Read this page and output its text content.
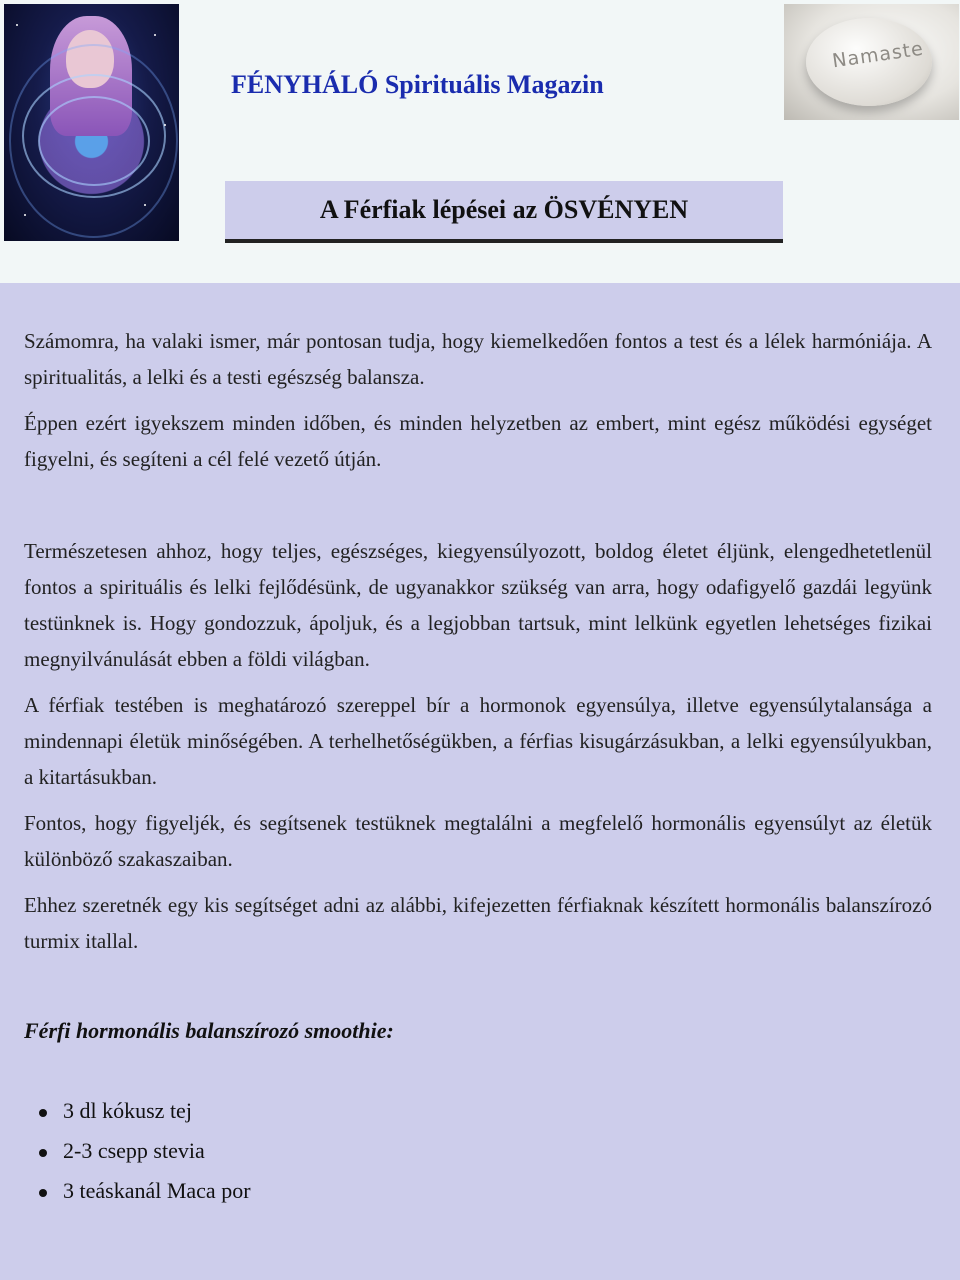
FÉNYHÁLÓ Spirituális Magazin
Namaste
A Férfiak lépései az ÖSVÉNYEN

Számomra, ha valaki ismer, már pontosan tudja, hogy kiemelkedően fontos a test és a lélek harmóniája. A spiritualitás, a lelki és a testi egészség balansza.

Éppen ezért igyekszem minden időben, és minden helyzetben az embert, mint egész működési egységet figyelni, és segíteni a cél felé vezető útján.

Természetesen ahhoz, hogy teljes, egészséges, kiegyensúlyozott, boldog életet éljünk, elengedhetetlenül fontos a spirituális és lelki fejlődésünk, de ugyanakkor szükség van arra, hogy odafigyelő gazdái legyünk testünknek is. Hogy gondozzuk, ápoljuk, és a legjobban tartsuk, mint lelkünk egyetlen lehetséges fizikai megnyilvánulását ebben a földi világban.

A férfiak testében is meghatározó szereppel bír a hormonok egyensúlya, illetve egyensúlytalansága a mindennapi életük minőségében. A terhelhetőségükben, a férfias kisugárzásukban, a lelki egyensúlyukban, a kitartásukban.

Fontos, hogy figyeljék, és segítsenek testüknek megtalálni a megfelelő hormonális egyensúlyt az életük különböző szakaszaiban.

Ehhez szeretnék egy kis segítséget adni az alábbi, kifejezetten férfiaknak készített hormonális balanszírozó turmix itallal.

Férfi hormonális balanszírozó smoothie:
3 dl kókusz tej
2-3 csepp stevia
3 teáskanál Maca por
